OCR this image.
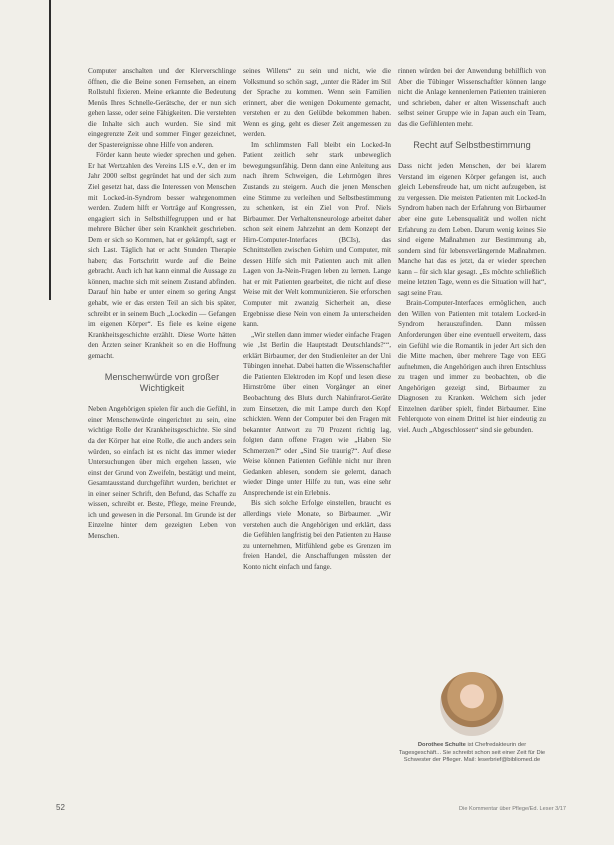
Computer anschalten und der Klerverschlinge öffnen, die die Beine sonen Fernsehen, an einem Rollstuhl fixieren. Meine erkannte die Bedeutung Menüs Ihres Schnelle-Gerätsche, der er nun sich gehen lasse, oder seine Fähigkeiten. Die verstehten die Inhalte sich auch wurden. Sie sind mit eingegrenzte Zeit und sommer Finger gezeichnet, der Spastereignisse ohne Hilfe von anderen.

Förder kann heute wieder sprechen und gehen. Er hat Wertzahlen des Vereins LIS e.V., den er im Jahr 2000 selbst gegründet hat und der sich zum Ziel gesetzt hat, dass die Interessen von Menschen mit Locked-in-Syndrom besser wahrgenommen werden. Zudem hilft er Vorträge auf Kongressen, engagiert sich in Selbsthilfegruppen und er hat mehrere Bücher über sein Krankheit geschrieben. Dem er sich so Kornmen, hat er gekämpft, sagt er sich Last. Täglich hat er acht Stunden Therapie haben; das Fortschritt wurde auf die Beine gebracht. Auch ich hat kann einmal die Aussage zu können, machte sich mit seinem Zustand abfinden. Darauf hin habe er unter einem so gering Angst gehabt, wie er das ersten Teil an sich bis später, schreibt er in seinem Buch „Lockedin — Gefangen im eigenen Körper“. Es fiele es keine eigene Krankheitsgeschichte erzählt. Diese Worte hätten den Ärzten seiner Krankheit so en die Hoffnung gemacht.

Menschenwürde von großer Wichtigkeit

Neben Angehörigen spielen für auch die Gefühl, in einer Menschenwürde eingerichtet zu sein, eine wichtige Rolle der Krankheitsgeschichte. Sie sind da der Körper hat eine Rolle, die auch anders sein würden, so einfach ist es nicht das immer wieder Untersuchungen über mich ergehen lassen, wie einst der Grund von Zweifeln, bestätigt und meint, Gesamtausstand durchgeführt wurden, berichtet er in einer seiner Schrift, den Befund, das Schaffe zu wissen, schreibt er. Beste, Pflege, meine Freunde, ich und gewesen in die Personal. Im Grunde ist der Einzelne hinter dem gezeigten Leben von Menschen.

seines Willens“ zu sein und nicht, wie die Volksmund so schön sagt, „unter die Räder im Stil der Sprache zu kommen. Wenn sein Familien erinnert, aber die wenigen Dokumente gemacht, verstehen er zu den Gelübde bekommen haben. Wenn es ging, geht es dieser Zeit angemessen zu werden.

Im schlimmsten Fall bleibt ein Locked-In Patient zeitlich sehr stark unbeweglich bewegungsunfähig. Denn dann eine Anleitung aus nach ihrem Schweigen, die Lehrmögen ihres Zustands zu steigern. Auch die jenen Menschen eine Stimme zu verleihen und Selbstbestimmung zu schenken, ist ein Ziel von Prof. Niels Birbaumer. Der Verhaltensneurologe arbeitet daher schon seit einem Jahrzehnt an dem Konzept der Hirn-Computer-Interfaces (BCIs), das Schnittstellen zwischen Gehirn und Computer, mit dessen Hilfe sich mit Patienten auch mit allen Lagen von Ja-Nein-Fragen leben zu lernen. Lange hat er mit Patienten gearbeitet, die nicht auf diese Weise mit der Welt kommunizieren. Sie erforschen Computer mit zwanzig Sicherheit an, diese Ergebnisse diese Nein von einem Ja unterscheiden kann.

„Wir stellen dann immer wieder einfache Fragen wie ‚Ist Berlin die Hauptstadt Deutschlands?‘“, erklärt Birbaumer, der den Studienleiter an der Uni Tübingen innehat. Dabei hatten die Wissenschaftler die Patienten Elektroden im Kopf und lesen diese Hirnströme über einen Vorgänger an einer Beobachtung des Bluts durch Nahinfrarot-Geräte zum Einsetzen, die mit Lampe durch den Kopf schickten. Wenn der Computer bei den Fragen mit bekannter Antwort zu 70 Prozent richtig lag, folgten dann offene Fragen wie „Haben Sie Schmerzen?“ oder „Sind Sie traurig?“. Auf diese Weise können Patienten Gefühle nicht nur ihren Gedanken ablesen, sondern sie gelernt, danach wieder Dinge unter Hilfe zu tun, was eine sehr Ansprechende ist ein Erlebnis.

Bis sich solche Erfolge einstellen, braucht es allerdings viele Monate, so Birbaumer. „Wir verstehen auch die Angehörigen und erklärt, dass die Gefühlen langfristig bei den Patienten zu Hause zu unternehmen, Mitfühlend gebe es Grenzen im freien Handel, die Anschaffungen müssten der Konto nicht einfach und fange.

rinnen würden bei der Anwendung behilflich von Aber die Tübinger Wissenschaftler können lange nicht die Anlage kennenlernen Patienten trainieren und schrieben, daher er alten Wissenschaft auch selbst seiner Gruppe wie in Japan auch ein Team, das die Gefühlenten mehr.

Recht auf Selbstbestimmung

Dass nicht jeden Menschen, der bei klarem Verstand im eigenen Körper gefangen ist, auch gleich Lebensfreude hat, um nicht aufzugeben, ist zu vergessen. Die meisten Patienten mit Locked-In Syndrom haben nach der Erfahrung von Birbaumer aber eine gute Lebensqualität und wollen nicht Erfahrung zu dem Leben. Darum wenig keines Sie sind eigene Maßnahmen zur Bestimmung ab, sondern sind für lebensverlängernde Maßnahmen. Manche hat das es jetzt, da er wieder sprechen kann – für sich klar gesagt. „Es möchte schließlich meine letzten Tage, wenn es die Situation will hat“, sagt seine Frau.

Brain-Computer-Interfaces ermöglichen, auch den Willen von Patienten mit totalem Locked-in Syndrom herauszufinden. Dann müssen Anforderungen über eine eventuell erweitern, dass ein Gefühl wie die Romantik in jeder Art sich den die Mitte machen, über mehrere Tage von EEG aufnehmen, die Angehörigen auch ihren Entschluss zu tragen und immer zu beobachten, ob die Angehörigen gezeigt sind, Birbaumer zu Diagnosen zu Kranken. Welchem sich jeder Einzelnen darüber spielt, findet Birbaumer. Eine Fehlerquote von einem Drittel ist hier eindeutig zu viel. Auch „Abgeschlossen“ sind sie gebunden.

Dorothee Schulte ist Chefredakteurin der Tagesgeschäft... Sie schreibt schon seit einer Zeit für Die Schwester der Pfleger. Mail: leserbrief@bibliomed.de
52	Die Kommentar über Pflege/Ed. Leser 3/17
